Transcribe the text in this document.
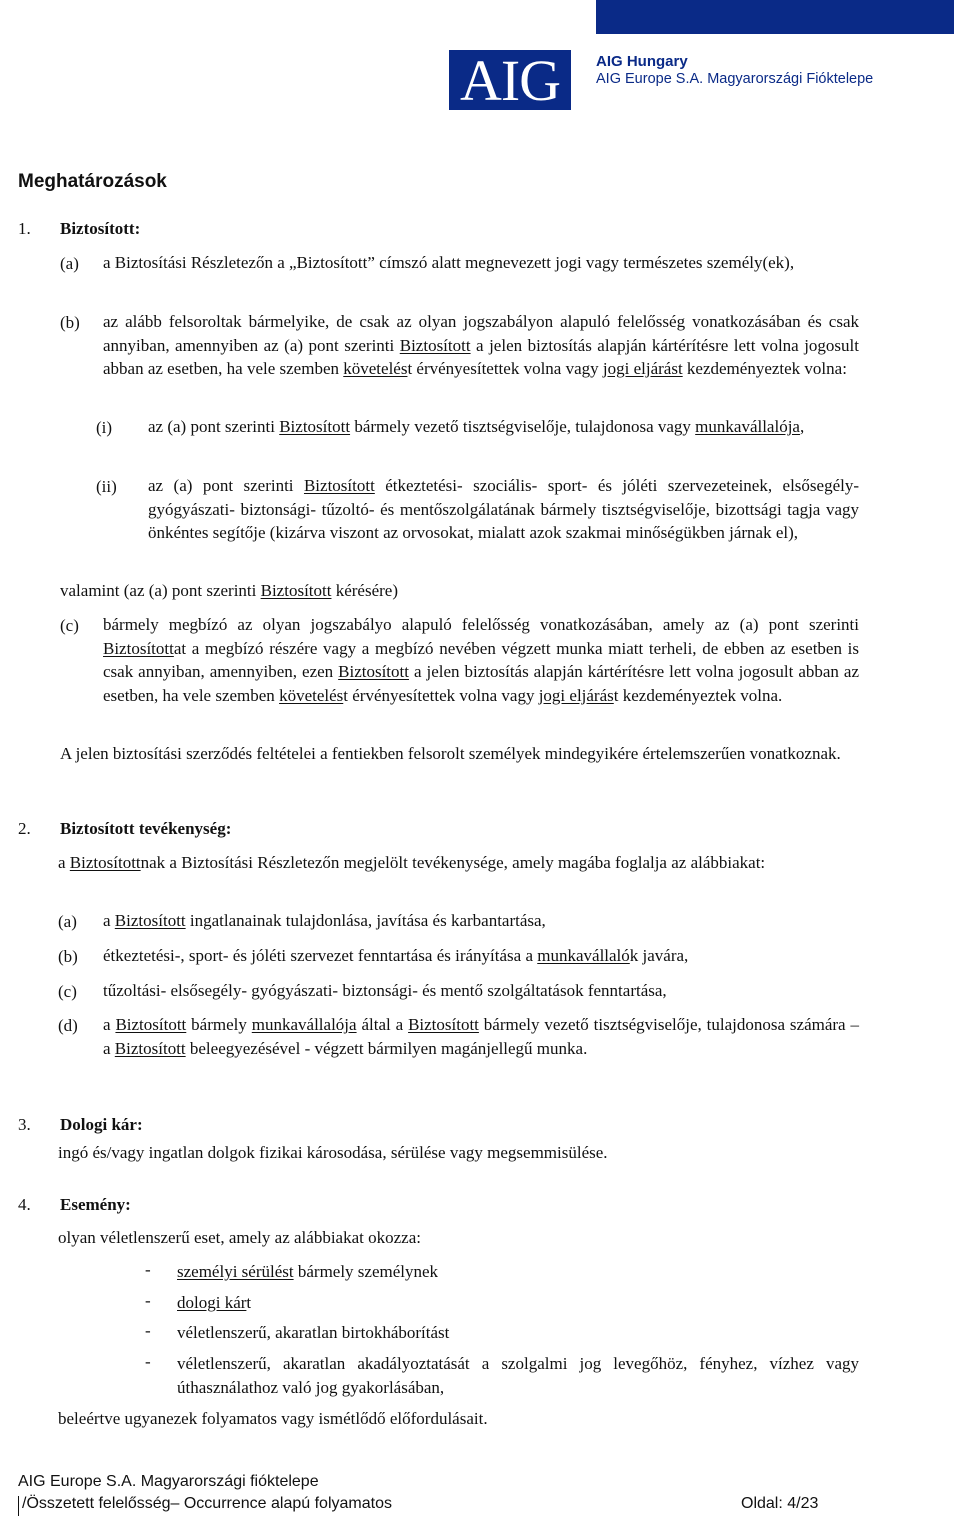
AIG	AIG Hungary
AIG Europe S.A. Magyarországi Fióktelepe
Meghatározások
1. Biztosított:
(a) a Biztosítási Részletezőn a „Biztosított” címszó alatt megnevezett jogi vagy természetes személy(ek),
(b) az alább felsoroltak bármelyike, de csak az olyan jogszabályon alapuló felelősség vonatkozásában és csak annyiban, amennyiben az (a) pont szerinti Biztosított a jelen biztosítás alapján kártérítésre lett volna jogosult abban az esetben, ha vele szemben követelést érvényesítettek volna vagy jogi eljárást kezdeményeztek volna:
(i) az (a) pont szerinti Biztosított bármely vezető tisztségviselője, tulajdonosa vagy munkavállalója,
(ii) az (a) pont szerinti Biztosított étkeztetési- szociális- sport- és jóléti szervezeteinek, elsősegély- gyógyászati- biztonsági- tűzoltó- és mentőszolgálatának bármely tisztségviselője, bizottsági tagja vagy önkéntes segítője (kizárva viszont az orvosokat, mialatt azok szakmai minőségükben járnak el),
valamint (az (a) pont szerinti Biztosított kérésére)
(c) bármely megbízó az olyan jogszabályo alapuló felelősség vonatkozásában, amely az (a) pont szerinti Biztosítottat a megbízó részére vagy a megbízó nevében végzett munka miatt terheli, de ebben az esetben is csak annyiban, amennyiben, ezen Biztosított a jelen biztosítás alapján kártérítésre lett volna jogosult abban az esetben, ha vele szemben követelést érvényesítettek volna vagy jogi eljárást kezdeményeztek volna.
A jelen biztosítási szerződés feltételei a fentiekben felsorolt személyek mindegyikére értelemszerűen vonatkoznak.
2. Biztosított tevékenység:
a Biztosítottnak a Biztosítási Részletezőn megjelölt tevékenysége, amely magába foglalja az alábbiakat:
(a) a Biztosított ingatlanainak tulajdonlása, javítása és karbantartása,
(b) étkeztetési-, sport- és jóléti szervezet fenntartása és irányítása a munkavállalók javára,
(c) tűzoltási- elsősegély- gyógyászati- biztonsági- és mentő szolgáltatások fenntartása,
(d) a Biztosított bármely munkavállalója által a Biztosított bármely vezető tisztségviselője, tulajdonosa számára – a Biztosított beleegyezésével - végzett bármilyen magánjellegű munka.
3. Dologi kár:
ingó és/vagy ingatlan dolgok fizikai károsodása, sérülése vagy megsemmisülése.
4. Esemény:
olyan véletlenszerű eset, amely az alábbiakat okozza:
- személyi sérülést bármely személynek
- dologi kárt
- véletlenszerű, akaratlan birtokháborítást
- véletlenszerű, akaratlan akadályoztatását a szolgalmi jog levegőhöz, fényhez, vízhez vagy úthasználathoz való jog gyakorlásában,
beleértve ugyanezek folyamatos vagy ismétlődő előfordulásait.
AIG Europe S.A. Magyarországi fióktelepe
/Összetett felelősség– Occurrence alapú folyamatos	Oldal: 4/23
